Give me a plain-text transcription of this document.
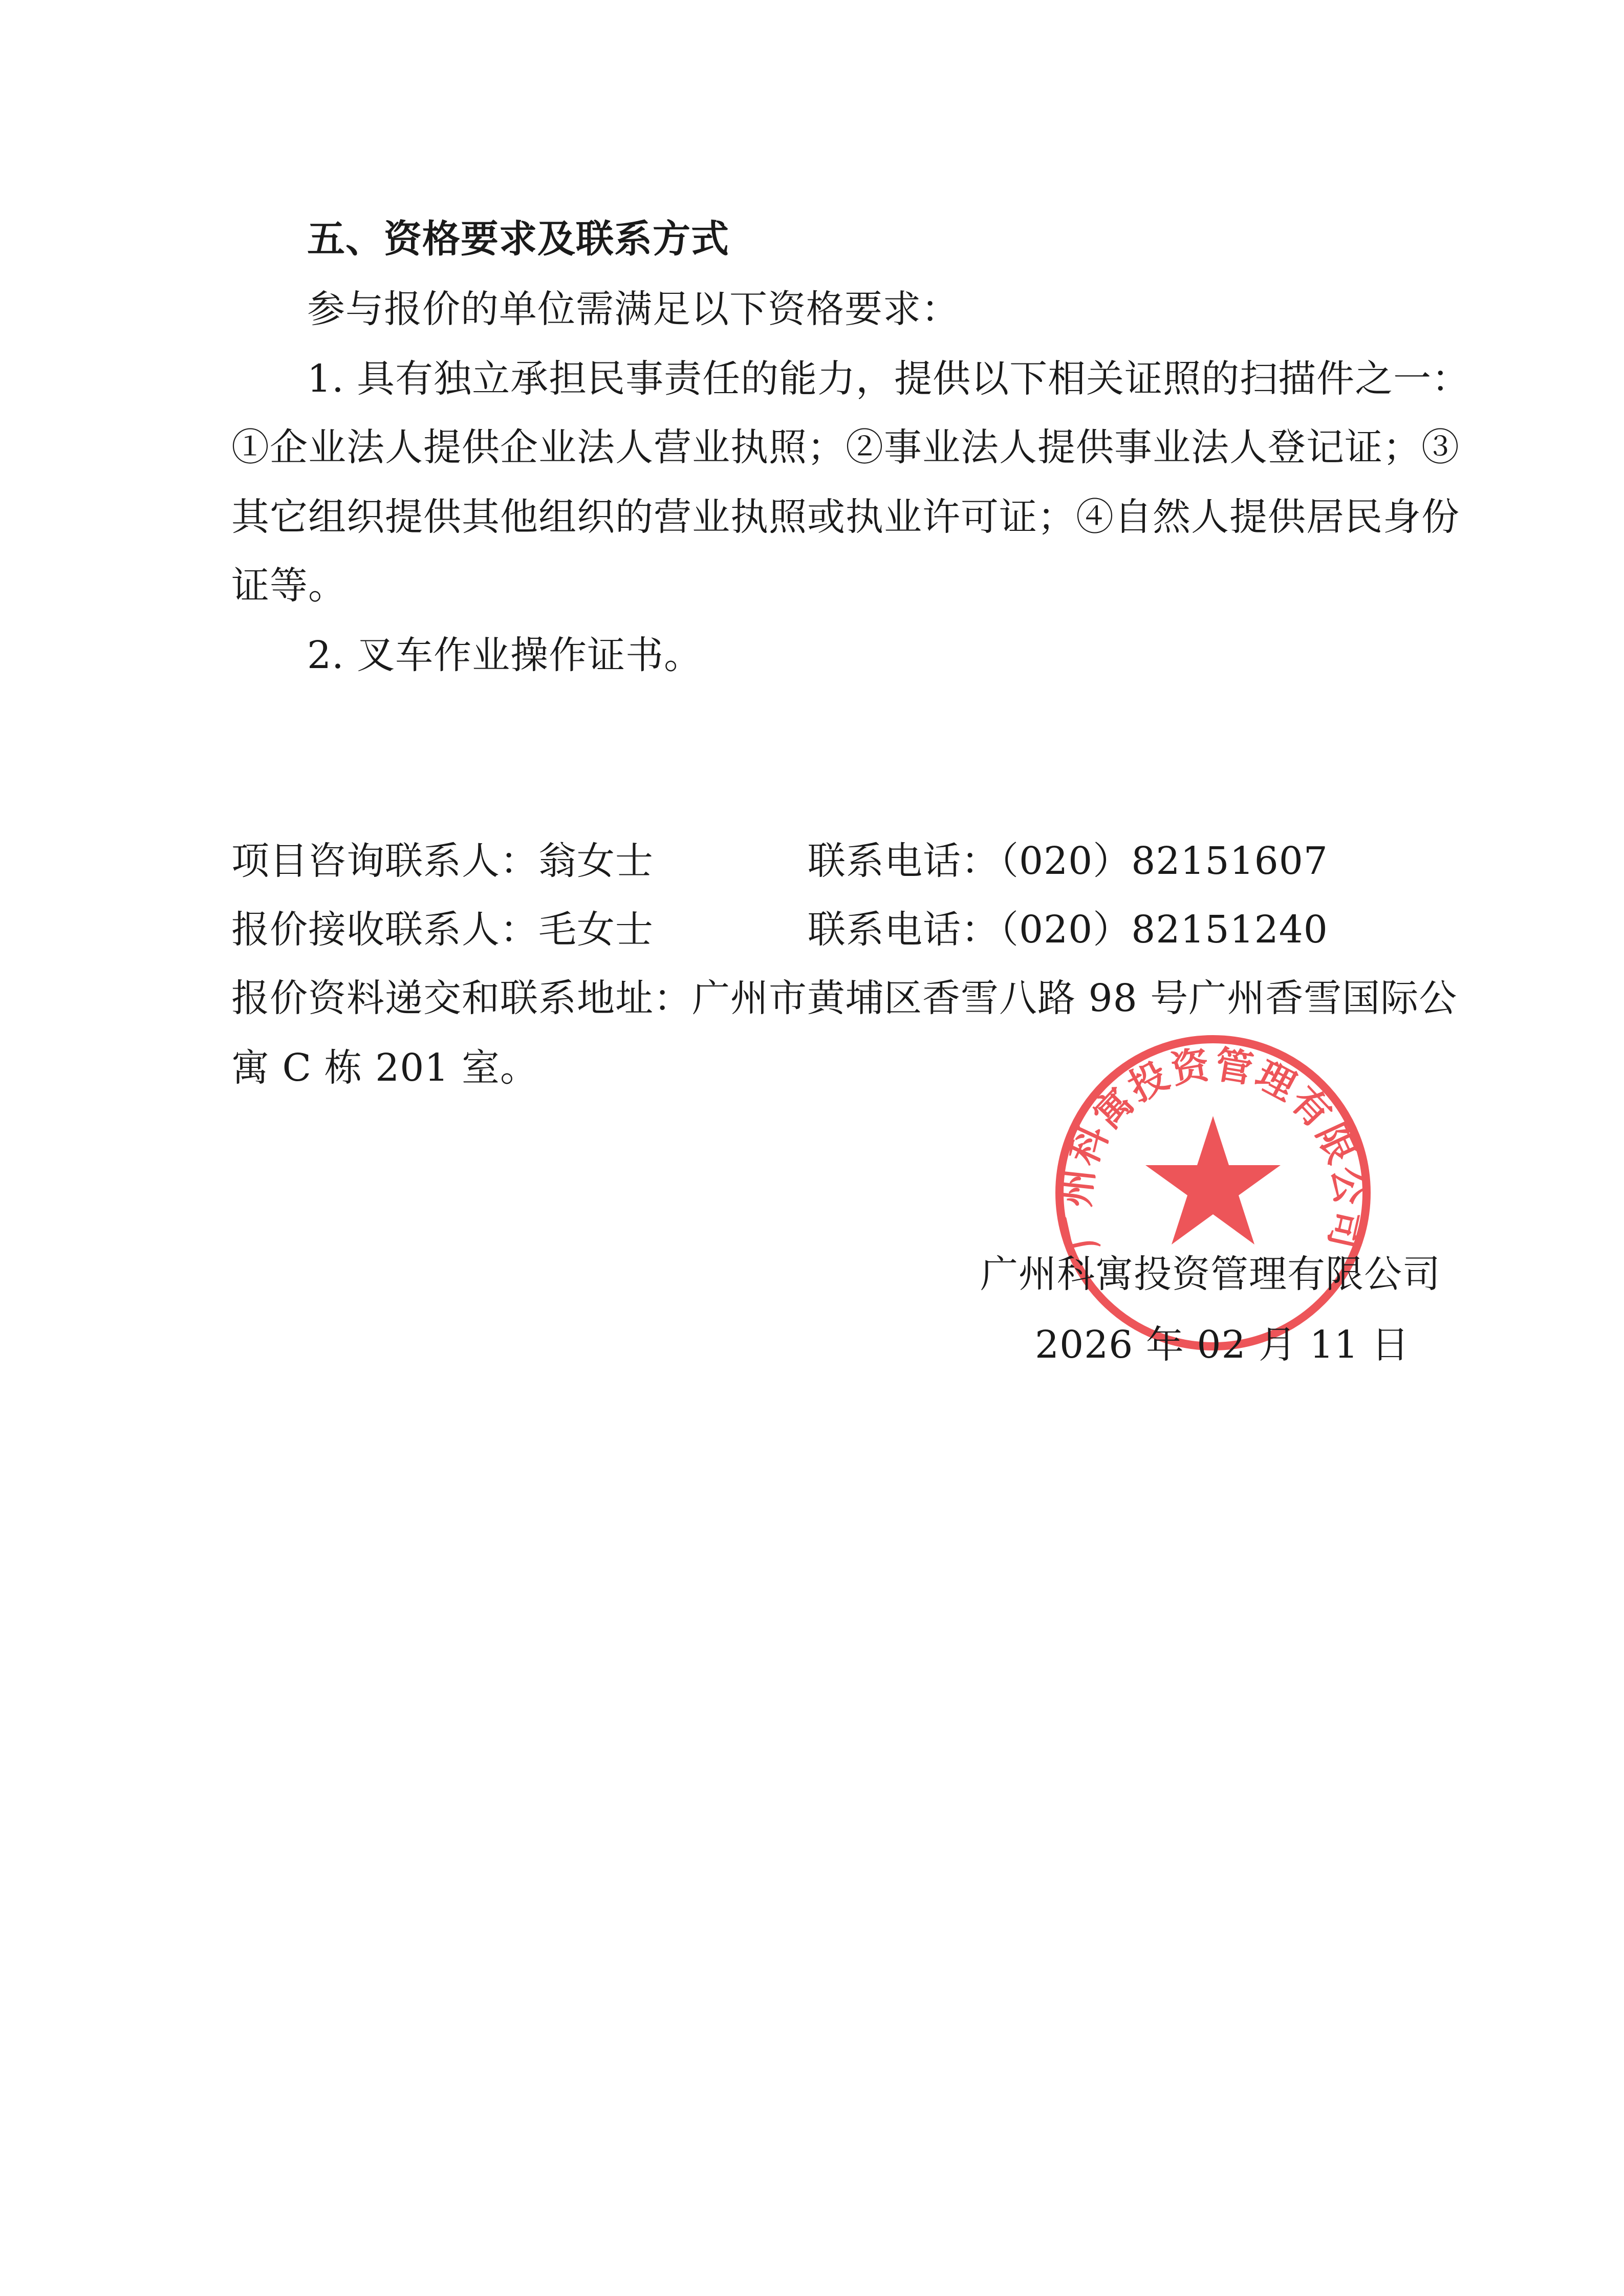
五、资格要求及联系方式
参与报价的单位需满足以下资格要求：
1. 具有独立承担民事责任的能力，提供以下相关证照的扫描件之一：
①企业法人提供企业法人营业执照；②事业法人提供事业法人登记证；③
其它组织提供其他组织的营业执照或执业许可证；④自然人提供居民身份
证等。
2. 叉车作业操作证书。
项目咨询联系人：翁女士	联系电话：（020）82151607
报价接收联系人：毛女士	联系电话：（020）82151240
报价资料递交和联系地址：广州市黄埔区香雪八路 98 号广州香雪国际公
寓 C 栋 201 室。
广州科寓投资管理有限公司
广州科寓投资管理有限公司
2026 年 02 月 11 日
